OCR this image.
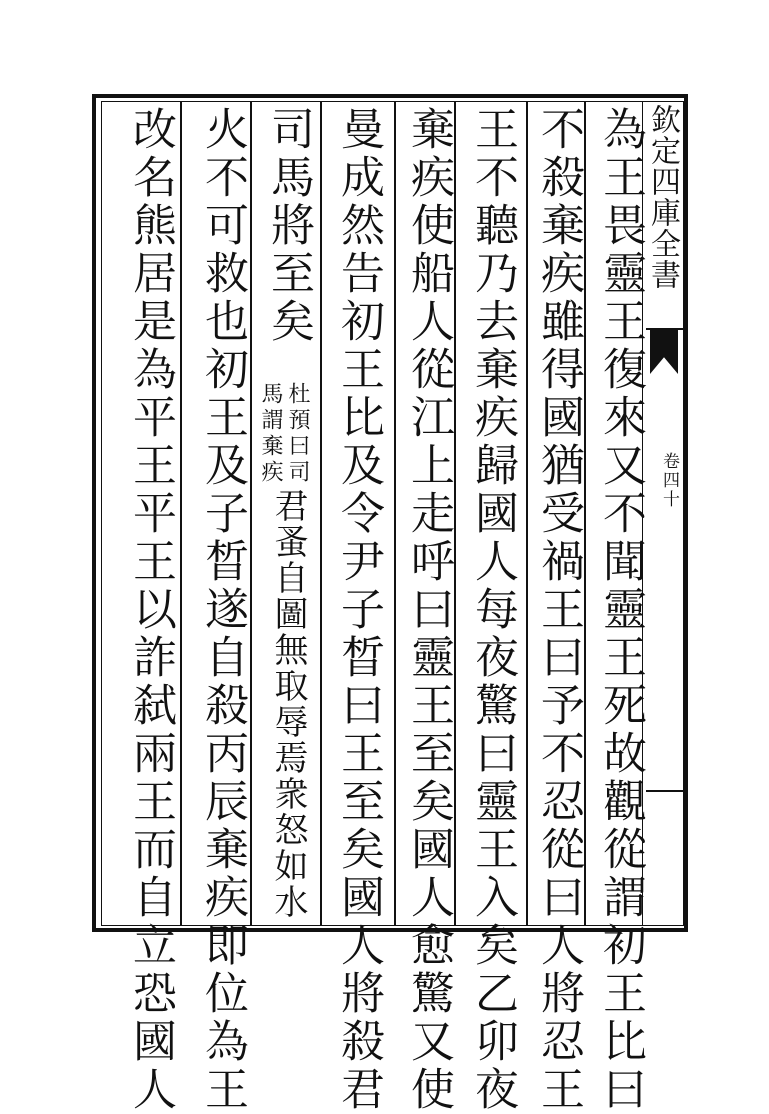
欽定四庫全書
卷四十
為王畏靈王復來又不聞靈王死故觀從謂初王比曰
不殺棄疾雖得國猶受禍王曰予不忍從曰人將忍王
王不聽乃去棄疾歸國人每夜驚曰靈王入矣乙卯夜
棄疾使船人從江上走呼曰靈王至矣國人愈驚又使
曼成然告初王比及令尹子晳曰王至矣國人將殺君
司馬將至矣
杜預曰司
馬謂棄疾
君蚤自圖無取辱焉衆怒如水
火不可救也初王及子晳遂自殺丙辰棄疾即位為王
改名熊居是為平王平王以詐弑兩王而自立恐國人
